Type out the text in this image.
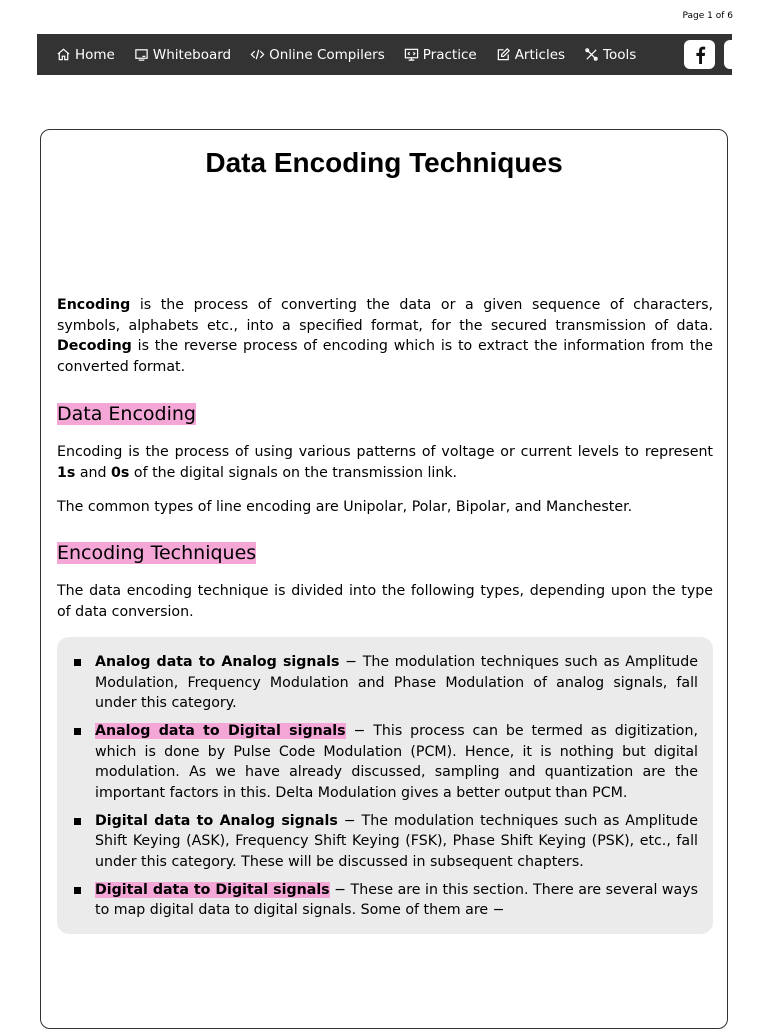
Page 1 of 6
Home	Whiteboard	Online Compilers	Practice	Articles	Tools
Data Encoding Techniques

Encoding is the process of converting the data or a given sequence of characters, symbols, alphabets etc., into a specified format, for the secured transmission of data. Decoding is the reverse process of encoding which is to extract the information from the converted format.

Data Encoding

Encoding is the process of using various patterns of voltage or current levels to represent 1s and 0s of the digital signals on the transmission link.

The common types of line encoding are Unipolar, Polar, Bipolar, and Manchester.

Encoding Techniques

The data encoding technique is divided into the following types, depending upon the type of data conversion.

Analog data to Analog signals − The modulation techniques such as Amplitude Modulation, Frequency Modulation and Phase Modulation of analog signals, fall under this category.
Analog data to Digital signals − This process can be termed as digitization, which is done by Pulse Code Modulation (PCM). Hence, it is nothing but digital modulation. As we have already discussed, sampling and quantization are the important factors in this. Delta Modulation gives a better output than PCM.
Digital data to Analog signals − The modulation techniques such as Amplitude Shift Keying (ASK), Frequency Shift Keying (FSK), Phase Shift Keying (PSK), etc., fall under this category. These will be discussed in subsequent chapters.
Digital data to Digital signals − These are in this section. There are several ways to map digital data to digital signals. Some of them are −
